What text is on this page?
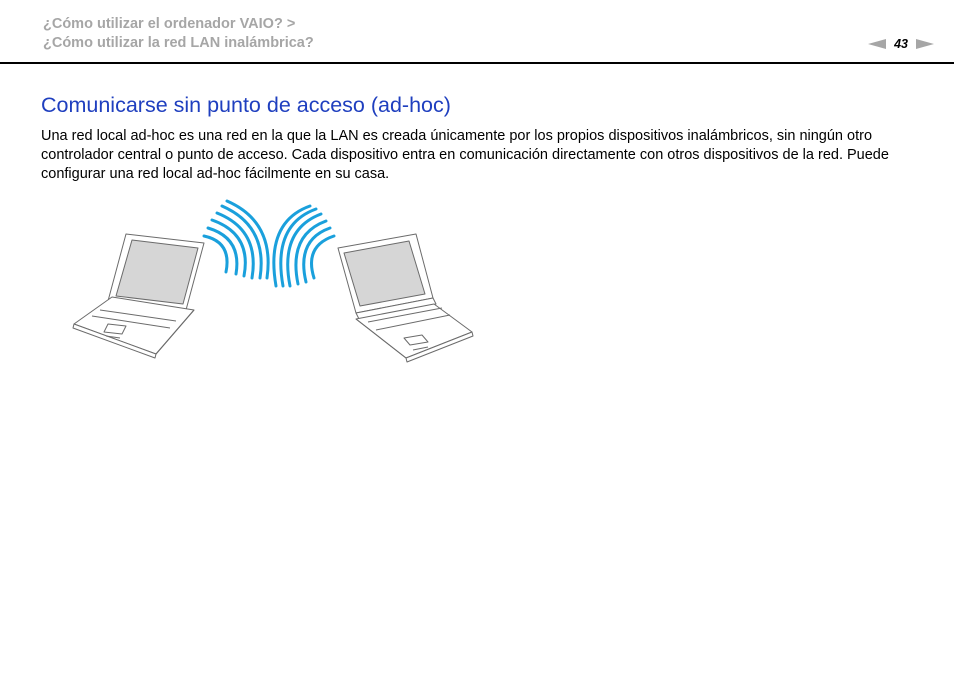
¿Cómo utilizar el ordenador VAIO? >
¿Cómo utilizar la red LAN inalámbrica?	43
Comunicarse sin punto de acceso (ad-hoc)

Una red local ad-hoc es una red en la que la LAN es creada únicamente por los propios dispositivos inalámbricos, sin ningún otro controlador central o punto de acceso. Cada dispositivo entra en comunicación directamente con otros dispositivos de la red. Puede configurar una red local ad-hoc fácilmente en su casa.
